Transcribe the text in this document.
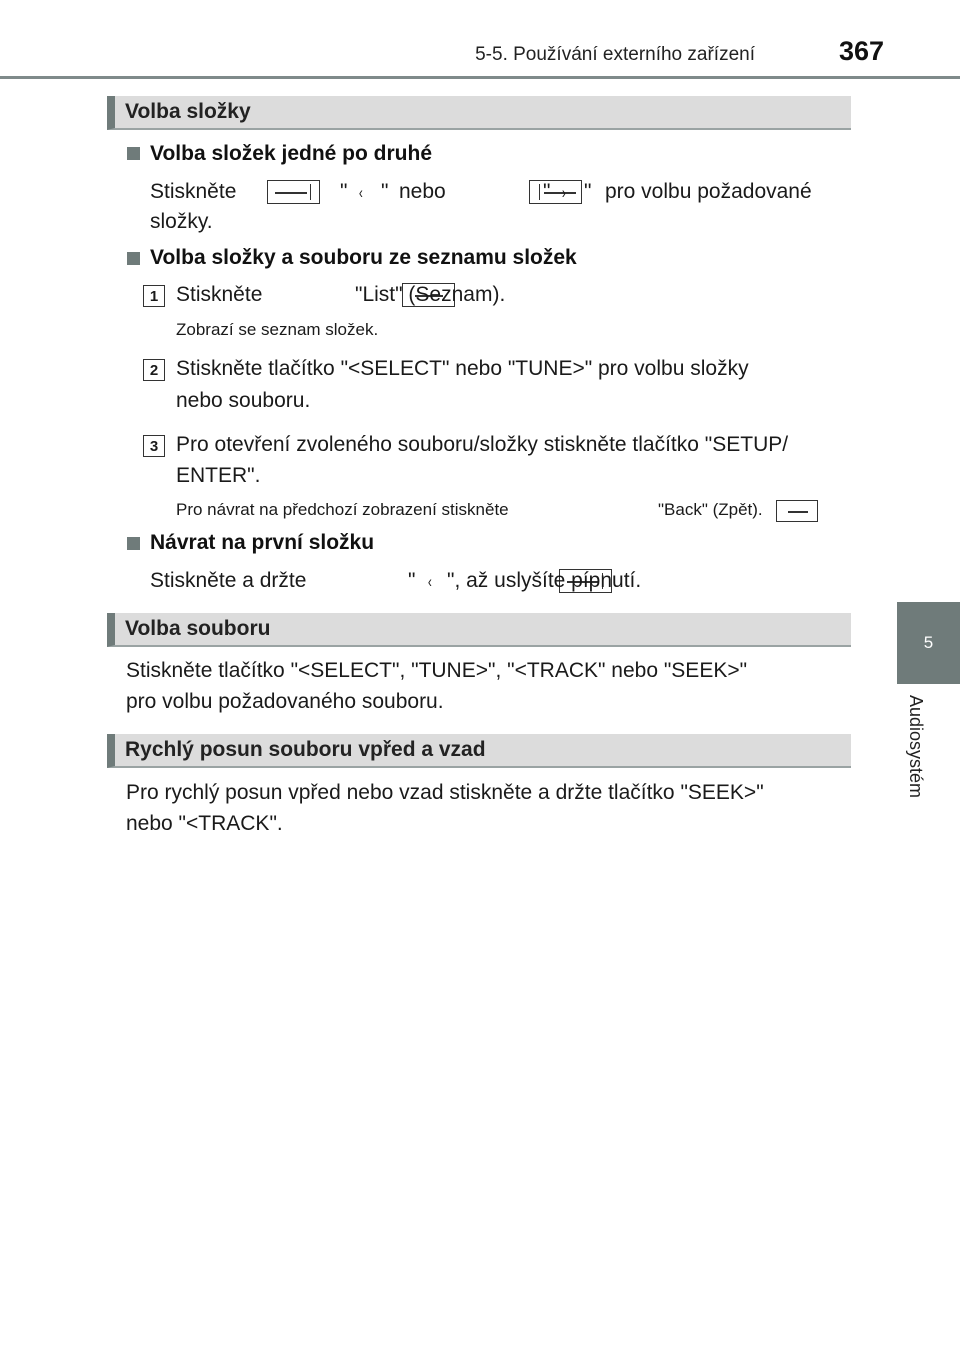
5-5. Používání externího zařízení	367
5
Audiosystém
Volba složky
Volba složek jedné po druhé
Stiskněte
	" ‹ " nebo
	" › " pro volbu požadované
složky.
Volba složky a souboru ze seznamu složek
1 Stiskněte
	"List" (Seznam).
Zobrazí se seznam složek.
2 Stiskněte tlačítko "<SELECT" nebo "TUNE>" pro volbu složky
nebo souboru.
3 Pro otevření zvoleného souboru/složky stiskněte tlačítko "SETUP/
ENTER".
Pro návrat na předchozí zobrazení stiskněte
	"Back" (Zpět).
Návrat na první složku
Stiskněte a držte	" ‹ ", až uslyšíte pípnutí.
Volba souboru
Stiskněte tlačítko "<SELECT", "TUNE>", "<TRACK" nebo "SEEK>"
pro volbu požadovaného souboru.
Rychlý posun souboru vpřed a vzad
Pro rychlý posun vpřed nebo vzad stiskněte a držte tlačítko "SEEK>"
nebo "<TRACK".
